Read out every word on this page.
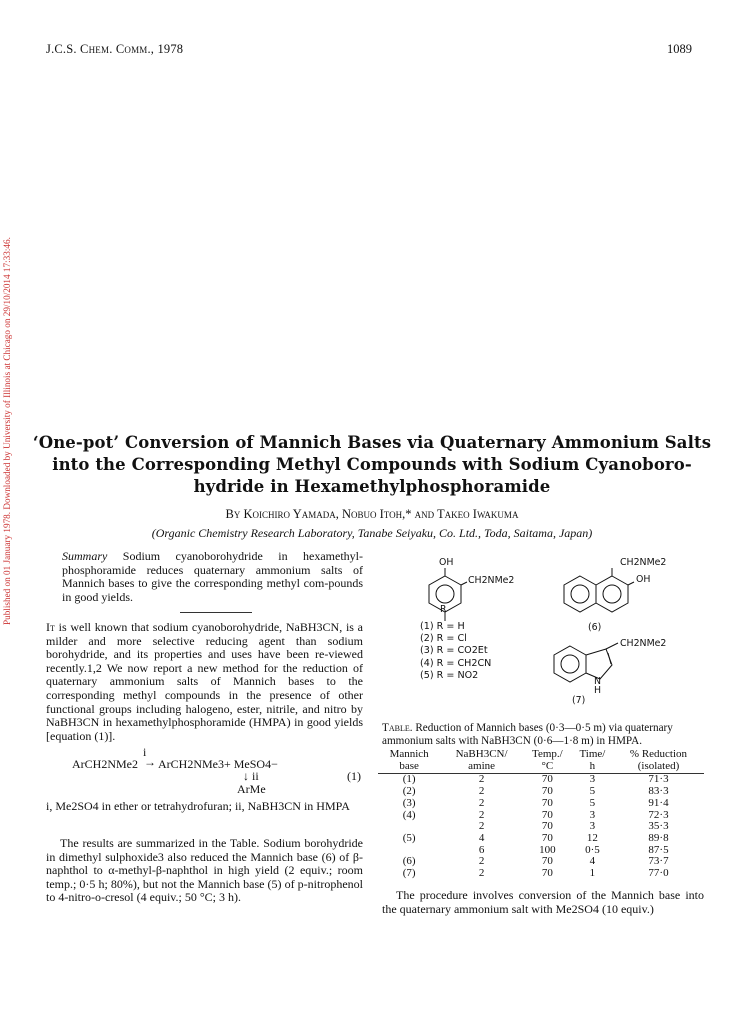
J.C.S. Chem. Comm., 1978	1089
Published on 01 January 1978. Downloaded by University of Illinois at Chicago on 29/10/2014 17:33:46.	‘One-pot’ Conversion of Mannich Bases via Quaternary Ammonium Salts
into the Corresponding Methyl Compounds with Sodium Cyanoboro-
hydride in Hexamethylphosphoramide
By Koichiro Yamada, Nobuo Itoh,* and Takeo Iwakuma
(Organic Chemistry Research Laboratory, Tanabe Seiyaku, Co. Ltd., Toda, Saitama, Japan)

Summary Sodium cyanoborohydride in hexamethyl-phosphoramide reduces quaternary ammonium salts of Mannich bases to give the corresponding methyl com-pounds in good yields.

It is well known that sodium cyanoborohydride, NaBH3CN, is a milder and more selective reducing agent than sodium borohydride, and its properties and uses have been re-viewed recently.1,2 We now report a new method for the reduction of quaternary ammonium salts of Mannich bases to the corresponding methyl compounds in the presence of other functional groups including halogeno, ester, nitrile, and nitro by NaBH3CN in hexamethylphosphoramide (HMPA) in good yields [equation (1)].

i
ArCH2NMe2 → ArCH2NMe3+ MeSO4−
↓ ii	(1)
ArMe

i, Me2SO4 in ether or tetrahydrofuran; ii, NaBH3CN in HMPA

The results are summarized in the Table. Sodium borohydride in dimethyl sulphoxide3 also reduced the Mannich base (6) of β-naphthol to α-methyl-β-naphthol in high yield (2 equiv.; room temp.; 0·5 h; 80%), but not the Mannich base (5) of p-nitrophenol to 4-nitro-o-cresol (4 equiv.; 50 °C; 3 h).

OH
CH2NMe2
R
(1) R = H
(2) R = Cl
(3) R = CO2Et
(4) R = CH2CN
(5) R = NO2
CH2NMe2
OH
(6)
CH2NMe2
N
H
(7)
Table. Reduction of Mannich bases (0·3—0·5 m) via quaternary ammonium salts with NaBH3CN (0·6—1·8 m) in HMPA.
Mannich	NaBH3CN/	Temp./	Time/	% Reduction
base	amine	°C	h	(isolated)
(1)	2	70	3	71·3
(2)	2	70	5	83·3
(3)	2	70	5	91·4
(4)	2	70	3	72·3
	2	70	3	35·3
(5)	4	70	12	89·8
	6	100	0·5	87·5
(6)	2	70	4	73·7
(7)	2	70	1	77·0

The procedure involves conversion of the Mannich base into the quaternary ammonium salt with Me2SO4 (10 equiv.)
